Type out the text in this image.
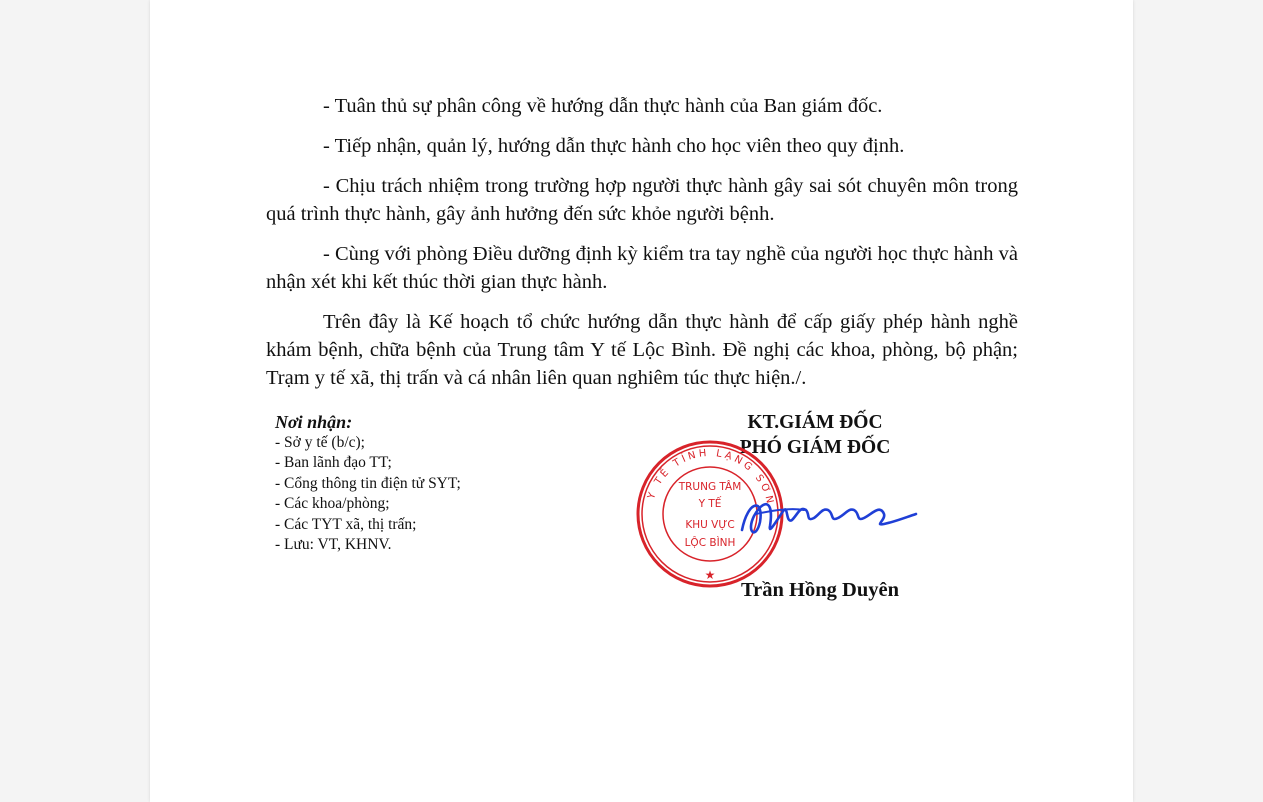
- Tuân thủ sự phân công về hướng dẫn thực hành của Ban giám đốc.

- Tiếp nhận, quản lý, hướng dẫn thực hành cho học viên theo quy định.

- Chịu trách nhiệm trong trường hợp người thực hành gây sai sót chuyên môn trong quá trình thực hành, gây ảnh hưởng đến sức khỏe người bệnh.

- Cùng với phòng Điều dưỡng định kỳ kiểm tra tay nghề của người học thực hành và nhận xét khi kết thúc thời gian thực hành.

Trên đây là Kế hoạch tổ chức hướng dẫn thực hành để cấp giấy phép hành nghề khám bệnh, chữa bệnh của Trung tâm Y tế Lộc Bình. Đề nghị các khoa, phòng, bộ phận; Trạm y tế xã, thị trấn và cá nhân liên quan nghiêm túc thực hiện./.

Nơi nhận:
- Sở y tế (b/c);
- Ban lãnh đạo TT;
- Cổng thông tin điện tử SYT;
- Các khoa/phòng;
- Các TYT xã, thị trấn;
- Lưu: VT, KHNV.
KT.GIÁM ĐỐC
PHÓ GIÁM ĐỐC
Y TẾ TỈNH LẠNG SƠN
TRUNG TÂM
Y TẾ
KHU VỰC
LỘC BÌNH
★
Trần Hồng Duyên
